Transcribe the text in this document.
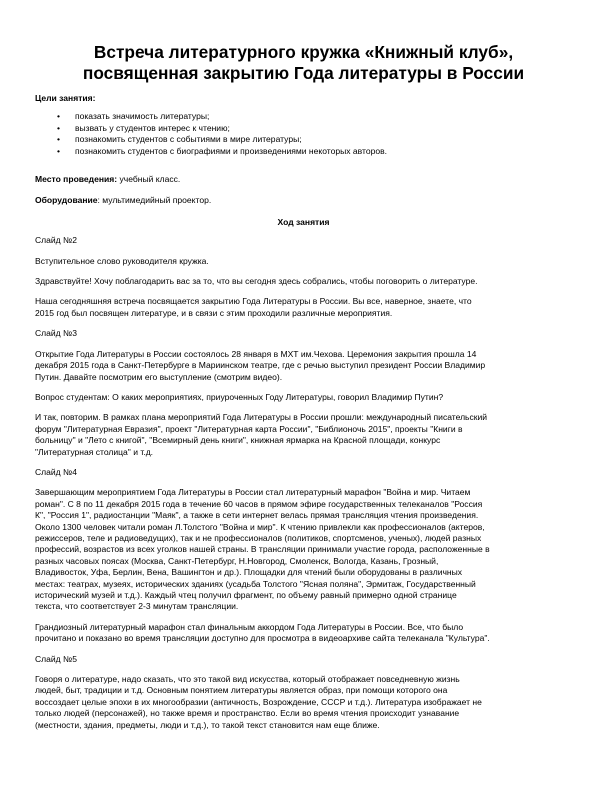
Встреча литературного кружка «Книжный клуб»,
посвященная закрытию Года литературы в России

Цели занятия:

• показать значимость литературы;
• вызвать у студентов интерес к чтению;
• познакомить студентов с событиями в мире литературы;
• познакомить студентов с биографиями и произведениями некоторых авторов.

Место проведения: учебный класс.

Оборудование: мультимедийный проектор.

Ход занятия

Слайд №2

Вступительное слово руководителя кружка.

Здравствуйте! Хочу поблагодарить вас за то, что вы сегодня здесь собрались, чтобы поговорить о литературе.

Наша сегодняшняя встреча посвящается закрытию Года Литературы в России. Вы все, наверное, знаете, что

2015 год был посвящен литературе, и в связи с этим проходили различные мероприятия.

Слайд №3

Открытие Года Литературы в России состоялось 28 января в МХТ им.Чехова. Церемония закрытия прошла 14

декабря 2015 года в Санкт-Петербурге в Мариинском театре, где с речью выступил президент России Владимир

Путин. Давайте посмотрим его выступление (смотрим видео).

Вопрос студентам: О каких мероприятиях, приуроченных Году Литературы, говорил Владимир Путин?

И так, повторим. В рамках плана мероприятий Года Литературы в России прошли: международный писательский

форум "Литературная Евразия", проект "Литературная карта России", "Библионочь 2015", проекты "Книги в

больницу" и "Лето с книгой", "Всемирный день книги", книжная ярмарка на Красной площади, конкурс

"Литературная столица" и т.д.

Слайд №4

Завершающим мероприятием Года Литературы в России стал литературный марафон "Война и мир. Читаем

роман". С 8 по 11 декабря 2015 года в течение 60 часов в прямом эфире государственных телеканалов "Россия

К", "Россия 1", радиостанции "Маяк", а также в сети интернет велась прямая трансляция чтения произведения.

Около 1300 человек читали роман Л.Толстого "Война и мир". К чтению привлекли как профессионалов (актеров,

режиссеров, теле и радиоведущих), так и не профессионалов (политиков, спортсменов, ученых), людей разных

профессий, возрастов из всех уголков нашей страны. В трансляции принимали участие города, расположенные в

разных часовых поясах (Москва, Санкт-Петербург, Н.Новгород, Смоленск, Вологда, Казань, Грозный,

Владивосток, Уфа, Берлин, Вена, Вашингтон и др.). Площадки для чтений были оборудованы в различных

местах: театрах, музеях, исторических зданиях (усадьба Толстого "Ясная поляна", Эрмитаж, Государственный

исторический музей и т.д.). Каждый чтец получил фрагмент, по объему равный примерно одной странице

текста, что соответствует 2-3 минутам трансляции.

Грандиозный литературный марафон стал финальным аккордом Года Литературы в России. Все, что было

прочитано и показано во время трансляции доступно для просмотра в видеоархиве сайта телеканала "Культура".

Слайд №5

Говоря о литературе, надо сказать, что это такой вид искусства, который отображает повседневную жизнь

людей, быт, традиции и т.д. Основным понятием литературы является образ, при помощи которого она

воссоздает целые эпохи в их многообразии (античность, Возрождение, СССР и т.д.). Литература изображает не

только людей (персонажей), но также время и пространство. Если во время чтения происходит узнавание

(местности, здания, предметы, люди и т.д.), то такой текст становится нам еще ближе.
